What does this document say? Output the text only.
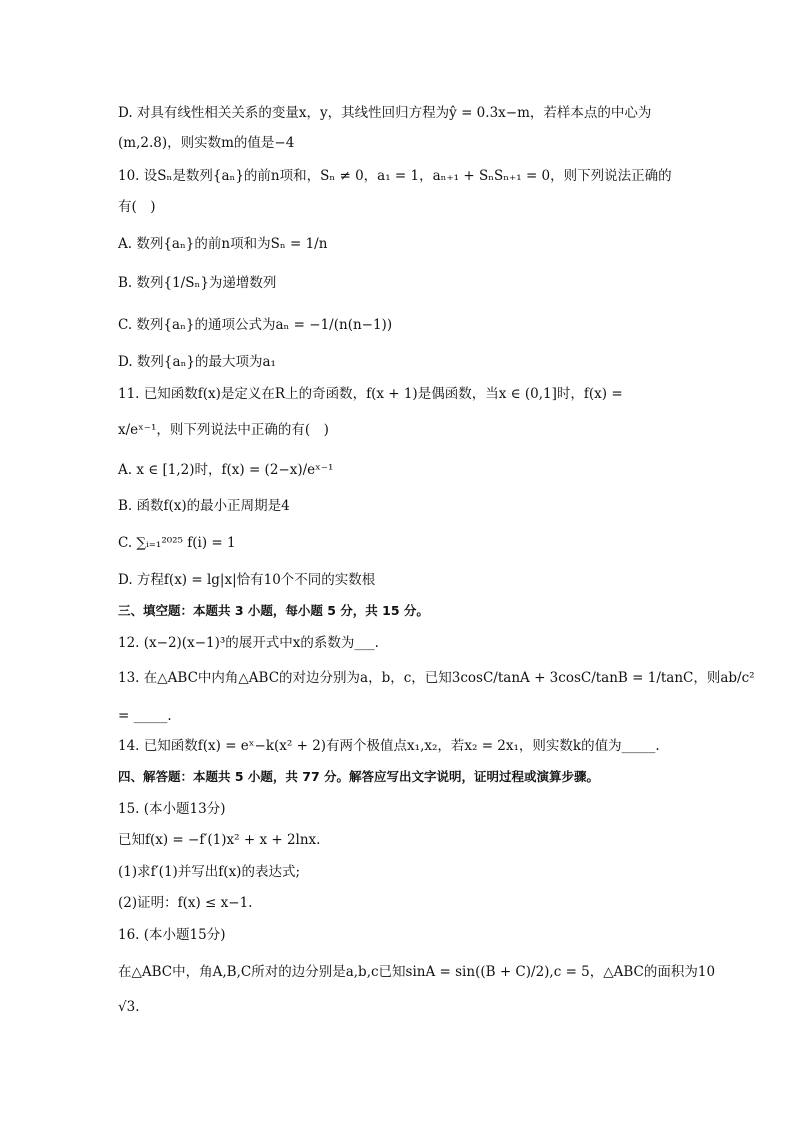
D. 对具有线性相关关系的变量x，y，其线性回归方程为ŷ = 0.3x−m，若样本点的中心为
(m,2.8)，则实数m的值是−4
10. 设Sₙ是数列{aₙ}的前n项和，Sₙ ≠ 0，a₁ = 1，aₙ₊₁ + SₙSₙ₊₁ = 0，则下列说法正确的
有(　)
A. 数列{aₙ}的前n项和为Sₙ = 1/n
B. 数列{1/Sₙ}为递增数列
C. 数列{aₙ}的通项公式为aₙ = −1/(n(n−1))
D. 数列{aₙ}的最大项为a₁
11. 已知函数f(x)是定义在R上的奇函数，f(x + 1)是偶函数，当x ∈ (0,1]时，f(x) =
x/eˣ⁻¹，则下列说法中正确的有(　)
A. x ∈ [1,2)时，f(x) = (2−x)/eˣ⁻¹
B. 函数f(x)的最小正周期是4
C. ∑ᵢ₌₁²⁰²⁵ f(i) = 1
D. 方程f(x) = lg|x|恰有10个不同的实数根
三、填空题：本题共 3 小题，每小题 5 分，共 15 分。
12. (x−2)(x−1)³的展开式中x的系数为___.
13. 在△ABC中内角△ABC的对边分别为a，b，c，已知3cosC/tanA + 3cosC/tanB = 1/tanC，则ab/c²
= _____.
14. 已知函数f(x) = eˣ−k(x² + 2)有两个极值点x₁,x₂，若x₂ = 2x₁，则实数k的值为_____.
四、解答题：本题共 5 小题，共 77 分。解答应写出文字说明，证明过程或演算步骤。
15. (本小题13分)
已知f(x) = −f′(1)x² + x + 2lnx.
(1)求f′(1)并写出f(x)的表达式;
(2)证明：f(x) ≤ x−1.
16. (本小题15分)
在△ABC中，角A,B,C所对的边分别是a,b,c已知sinA = sin((B + C)/2),c = 5，△ABC的面积为10
√3.
